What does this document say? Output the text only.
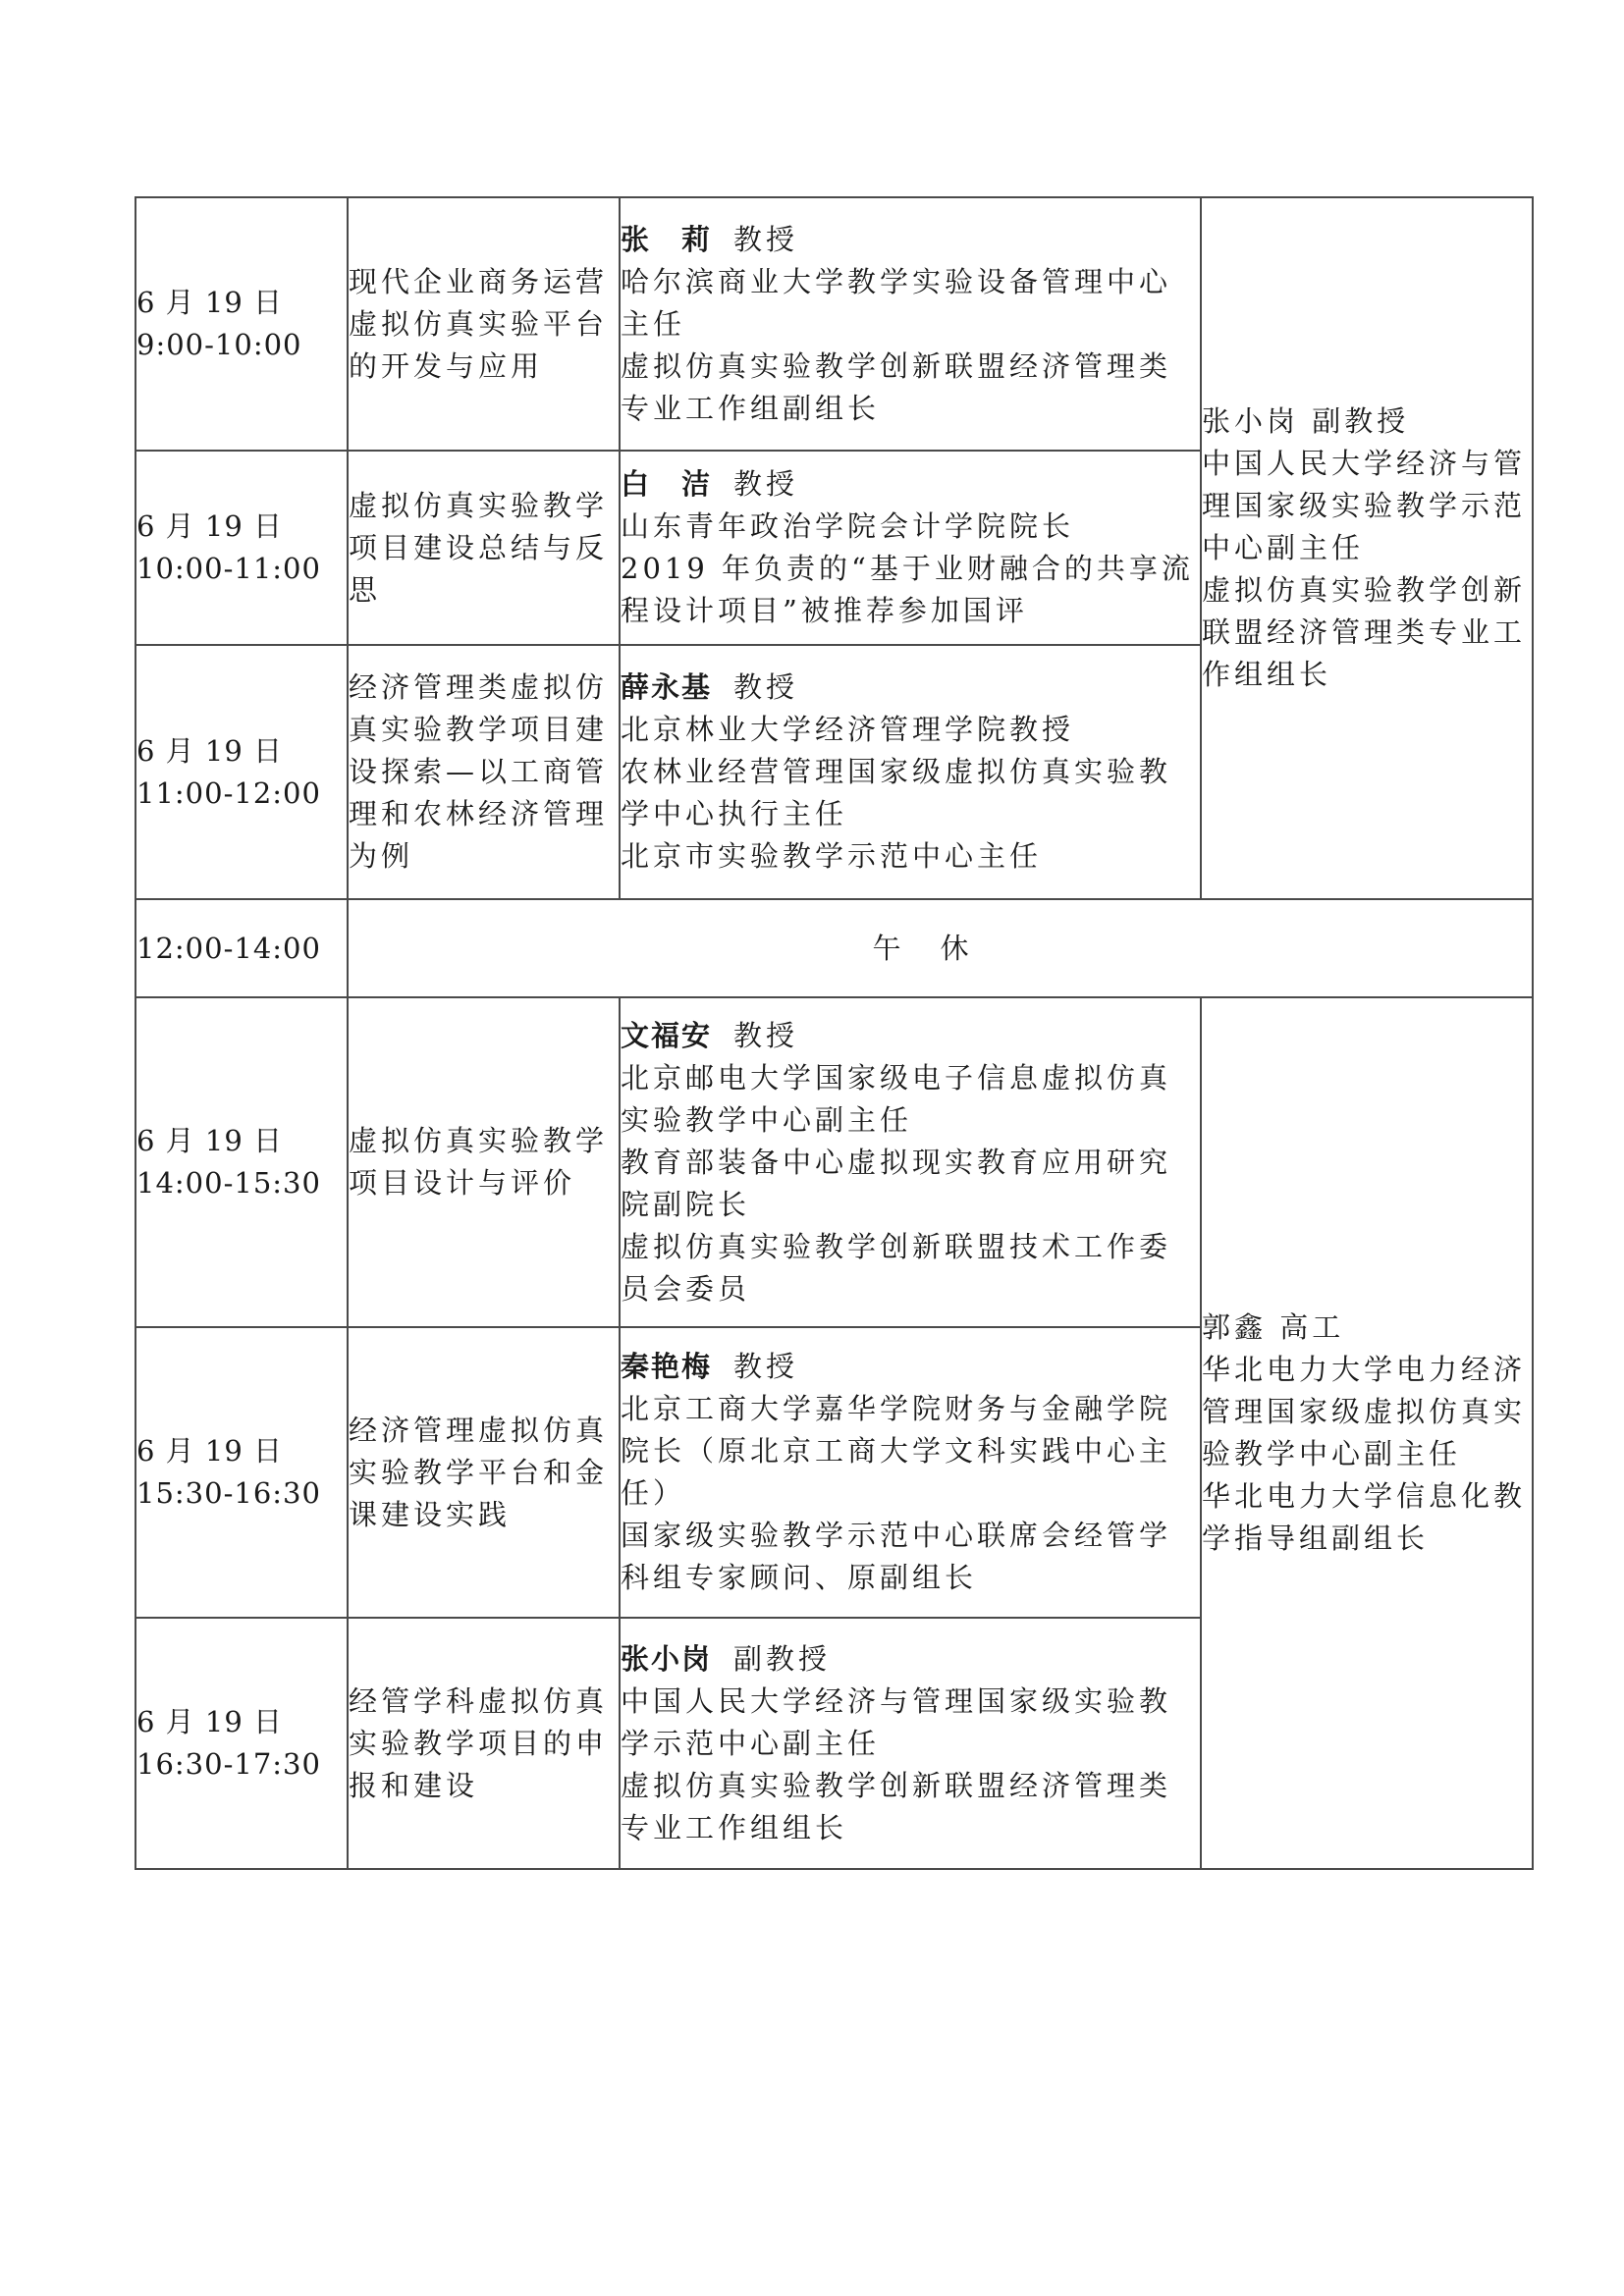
6 月 19 日
9:00-10:00	现代企业商务运营虚拟仿真实验平台的开发与应用	张　莉 教授
哈尔滨商业大学教学实验设备管理中心主任
虚拟仿真实验教学创新联盟经济管理类专业工作组副组长	张小岗 副教授
中国人民大学经济与管理国家级实验教学示范中心副主任
虚拟仿真实验教学创新联盟经济管理类专业工作组组长

6 月 19 日
10:00-11:00	虚拟仿真实验教学项目建设总结与反思	白　洁 教授
山东青年政治学院会计学院院长
2019 年负责的“基于业财融合的共享流程设计项目”被推荐参加国评	

6 月 19 日
11:00-12:00	经济管理类虚拟仿真实验教学项目建设探索—以工商管理和农林经济管理为例	薛永基 教授
北京林业大学经济管理学院教授
农林业经营管理国家级虚拟仿真实验教学中心执行主任
北京市实验教学示范中心主任	

12:00-14:00	午休		

6 月 19 日
14:00-15:30	虚拟仿真实验教学项目设计与评价	文福安 教授
北京邮电大学国家级电子信息虚拟仿真实验教学中心副主任
教育部装备中心虚拟现实教育应用研究院副院长
虚拟仿真实验教学创新联盟技术工作委员会委员	郭鑫 高工
华北电力大学电力经济管理国家级虚拟仿真实验教学中心副主任
华北电力大学信息化教学指导组副组长

6 月 19 日
15:30-16:30	经济管理虚拟仿真实验教学平台和金课建设实践	秦艳梅 教授
北京工商大学嘉华学院财务与金融学院院长（原北京工商大学文科实践中心主任）
国家级实验教学示范中心联席会经管学科组专家顾问、原副组长	

6 月 19 日
16:30-17:30	经管学科虚拟仿真实验教学项目的申报和建设	张小岗 副教授
中国人民大学经济与管理国家级实验教学示范中心副主任
虚拟仿真实验教学创新联盟经济管理类专业工作组组长	
